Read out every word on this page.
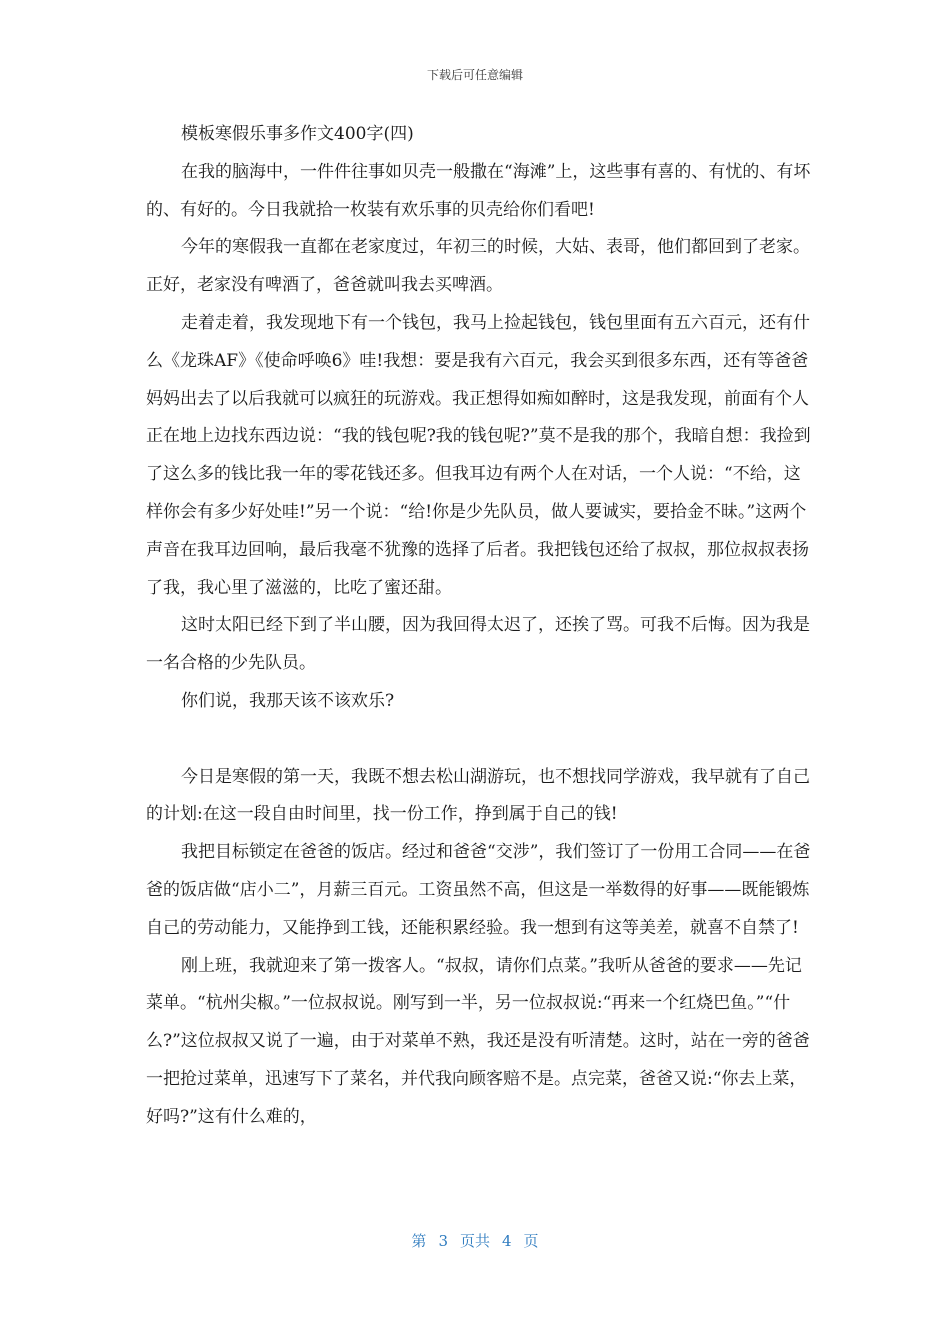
下载后可任意编辑

模板寒假乐事多作文400字(四)

在我的脑海中，一件件往事如贝壳一般撒在“海滩”上，这些事有喜的、有忧的、有坏的、有好的。今日我就拾一枚装有欢乐事的贝壳给你们看吧!

今年的寒假我一直都在老家度过，年初三的时候，大姑、表哥，他们都回到了老家。正好，老家没有啤酒了，爸爸就叫我去买啤酒。

走着走着，我发现地下有一个钱包，我马上捡起钱包，钱包里面有五六百元，还有什么《龙珠AF》《使命呼唤6》哇!我想：要是我有六百元，我会买到很多东西，还有等爸爸妈妈出去了以后我就可以疯狂的玩游戏。我正想得如痴如醉时，这是我发现，前面有个人正在地上边找东西边说：“我的钱包呢?我的钱包呢?”莫不是我的那个，我暗自想：我捡到了这么多的钱比我一年的零花钱还多。但我耳边有两个人在对话，一个人说：“不给，这样你会有多少好处哇!”另一个说：“给!你是少先队员，做人要诚实，要拾金不昧。”这两个声音在我耳边回响，最后我毫不犹豫的选择了后者。我把钱包还给了叔叔，那位叔叔表扬了我，我心里了滋滋的，比吃了蜜还甜。

这时太阳已经下到了半山腰，因为我回得太迟了，还挨了骂。可我不后悔。因为我是一名合格的少先队员。

你们说，我那天该不该欢乐?

今日是寒假的第一天，我既不想去松山湖游玩，也不想找同学游戏，我早就有了自己的计划:在这一段自由时间里，找一份工作，挣到属于自己的钱!

我把目标锁定在爸爸的饭店。经过和爸爸“交涉”，我们签订了一份用工合同——在爸爸的饭店做“店小二”，月薪三百元。工资虽然不高，但这是一举数得的好事——既能锻炼自己的劳动能力，又能挣到工钱，还能积累经验。我一想到有这等美差，就喜不自禁了!

刚上班，我就迎来了第一拨客人。“叔叔，请你们点菜。”我听从爸爸的要求——先记菜单。“杭州尖椒。”一位叔叔说。刚写到一半，另一位叔叔说:“再来一个红烧巴鱼。”“什么?”这位叔叔又说了一遍，由于对菜单不熟，我还是没有听清楚。这时，站在一旁的爸爸一把抢过菜单，迅速写下了菜名，并代我向顾客赔不是。点完菜，爸爸又说:“你去上菜，好吗?”这有什么难的，

第 3 页共 4 页
